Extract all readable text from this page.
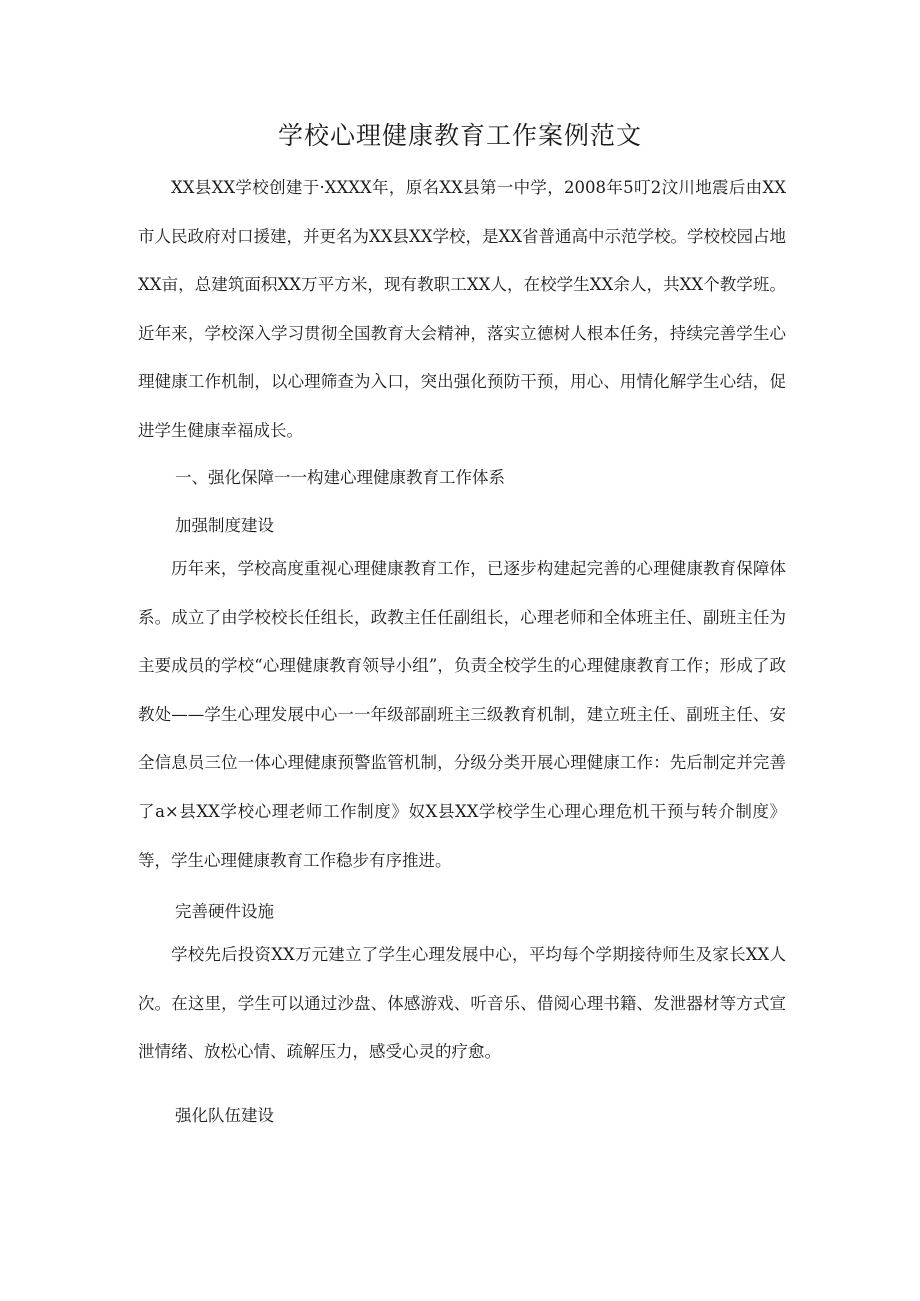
学校心理健康教育工作案例范文

XX县XX学校创建于·XXXX年，原名XX县第一中学，2008年5叮2汶川地震后由XX市人民政府对口援建，并更名为XX县XX学校，是XX省普通高中示范学校。学校校园占地XX亩，总建筑面积XX万平方米，现有教职工XX人，在校学生XX余人，共XX个教学班。近年来，学校深入学习贯彻全国教育大会精神，落实立德树人根本任务，持续完善学生心理健康工作机制，以心理筛查为入口，突出强化预防干预，用心、用情化解学生心结，促进学生健康幸福成长。

一、强化保障一一构建心理健康教育工作体系

加强制度建设

历年来，学校高度重视心理健康教育工作，已逐步构建起完善的心理健康教育保障体系。成立了由学校校长任组长，政教主任任副组长，心理老师和全体班主任、副班主任为主要成员的学校“心理健康教育领导小组”，负责全校学生的心理健康教育工作；形成了政教处——学生心理发展中心一一年级部副班主三级教育机制，建立班主任、副班主任、安全信息员三位一体心理健康预警监管机制，分级分类开展心理健康工作：先后制定并完善了a×县XX学校心理老师工作制度》奴X县XX学校学生心理心理危机干预与转介制度》等，学生心理健康教育工作稳步有序推进。

完善硬件设施

学校先后投资XX万元建立了学生心理发展中心，平均每个学期接待师生及家长XX人次。在这里，学生可以通过沙盘、体感游戏、听音乐、借阅心理书籍、发泄器材等方式宣泄情绪、放松心情、疏解压力，感受心灵的疗愈。

强化队伍建设
